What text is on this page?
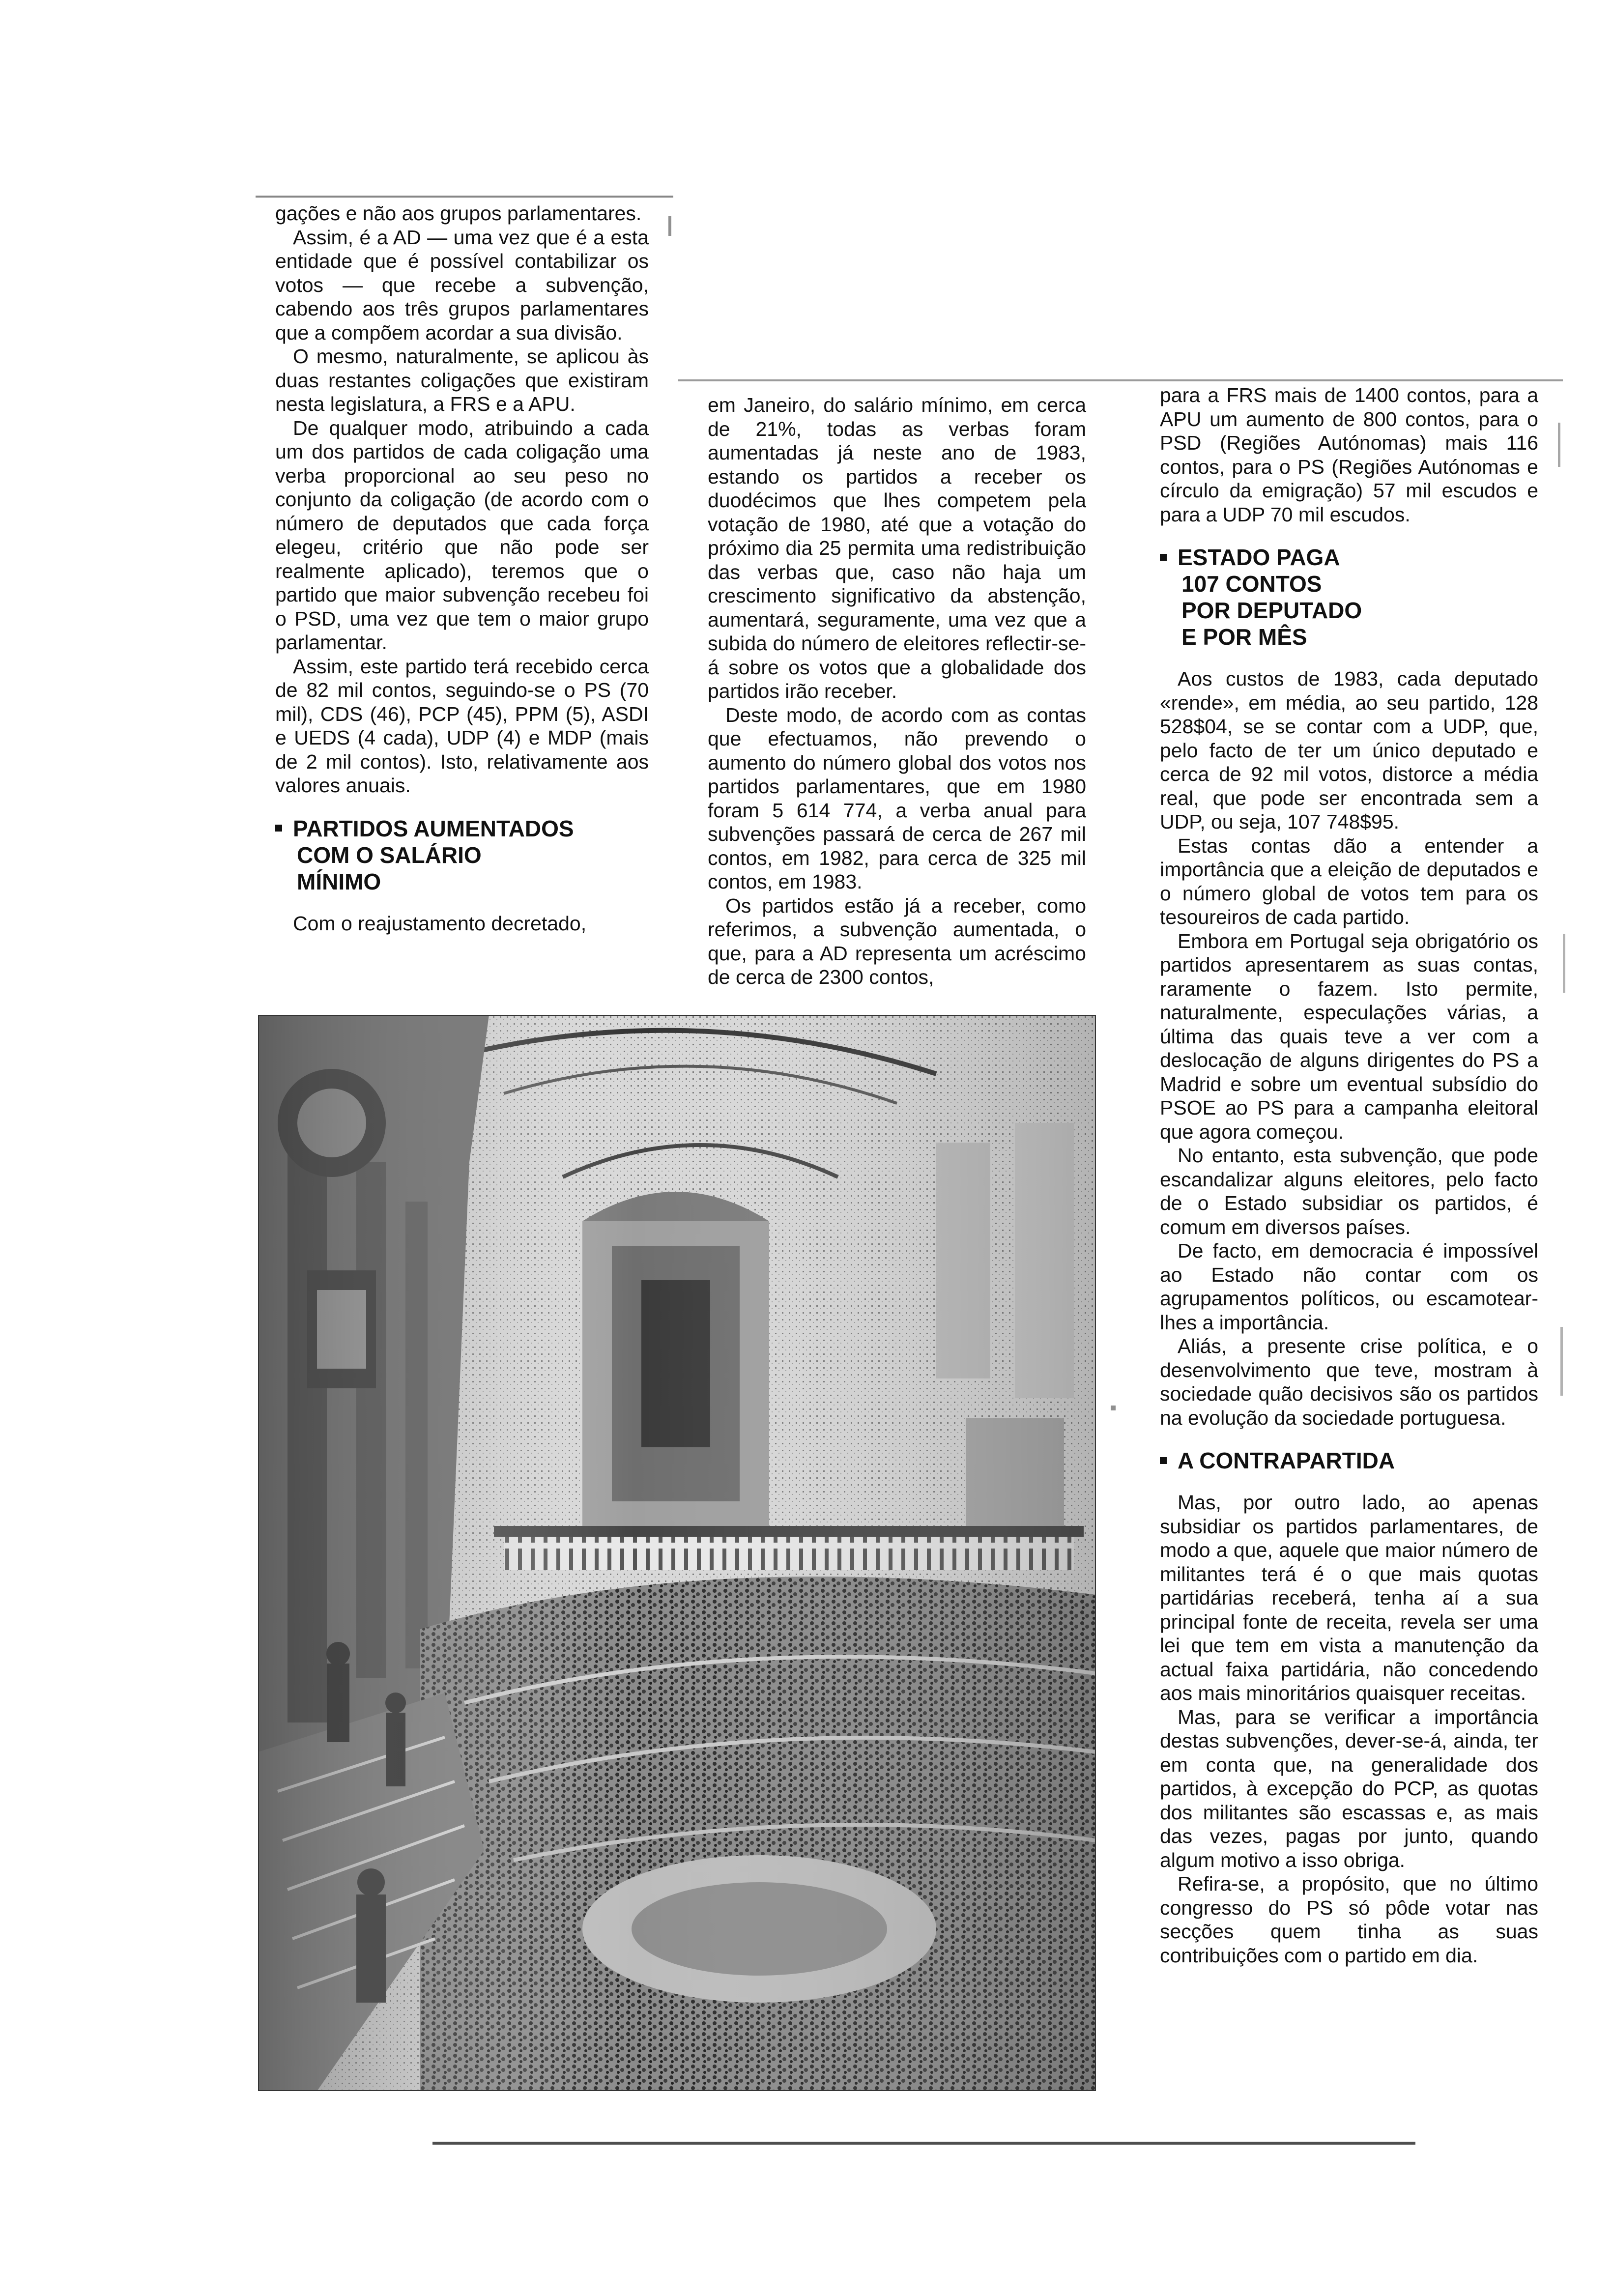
gações e não aos grupos parlamentares.

Assim, é a AD — uma vez que é a esta entidade que é possível contabilizar os votos — que recebe a subvenção, cabendo aos três grupos parlamentares que a compõem acordar a sua divisão.

O mesmo, naturalmente, se aplicou às duas restantes coligações que existiram nesta legislatura, a FRS e a APU.

De qualquer modo, atribuindo a cada um dos partidos de cada coligação uma verba proporcional ao seu peso no conjunto da coligação (de acordo com o número de deputados que cada força elegeu, critério que não pode ser realmente aplicado), teremos que o partido que maior subvenção recebeu foi o PSD, uma vez que tem o maior grupo parlamentar.

Assim, este partido terá recebido cerca de 82 mil contos, seguindo-se o PS (70 mil), CDS (46), PCP (45), PPM (5), ASDI e UEDS (4 cada), UDP (4) e MDP (mais de 2 mil contos). Isto, relativamente aos valores anuais.

PARTIDOS AUMENTADOS
COM O SALÁRIO
MÍNIMO

Com o reajustamento decretado,

em Janeiro, do salário mínimo, em cerca de 21%, todas as verbas foram aumentadas já neste ano de 1983, estando os partidos a receber os duodécimos que lhes competem pela votação de 1980, até que a votação do próximo dia 25 permita uma redistribuição das verbas que, caso não haja um crescimento significativo da abstenção, aumentará, seguramente, uma vez que a subida do número de eleitores reflectir-se-á sobre os votos que a globalidade dos partidos irão receber.

Deste modo, de acordo com as contas que efectuamos, não prevendo o aumento do número global dos votos nos partidos parlamentares, que em 1980 foram 5 614 774, a verba anual para subvenções passará de cerca de 267 mil contos, em 1982, para cerca de 325 mil contos, em 1983.

Os partidos estão já a receber, como referimos, a subvenção aumentada, o que, para a AD representa um acréscimo de cerca de 2300 contos,

para a FRS mais de 1400 contos, para a APU um aumento de 800 contos, para o PSD (Regiões Autónomas) mais 116 contos, para o PS (Regiões Autónomas e círculo da emigração) 57 mil escudos e para a UDP 70 mil escudos.

ESTADO PAGA
107 CONTOS
POR DEPUTADO
E POR MÊS

Aos custos de 1983, cada deputado «rende», em média, ao seu partido, 128 528$04, se se contar com a UDP, que, pelo facto de ter um único deputado e cerca de 92 mil votos, distorce a média real, que pode ser encontrada sem a UDP, ou seja, 107 748$95.

Estas contas dão a entender a importância que a eleição de deputados e o número global de votos tem para os tesoureiros de cada partido.

Embora em Portugal seja obrigatório os partidos apresentarem as suas contas, raramente o fazem. Isto permite, naturalmente, especulações várias, a última das quais teve a ver com a deslocação de alguns dirigentes do PS a Madrid e sobre um eventual subsídio do PSOE ao PS para a campanha eleitoral que agora começou.

No entanto, esta subvenção, que pode escandalizar alguns eleitores, pelo facto de o Estado subsidiar os partidos, é comum em diversos países.

De facto, em democracia é impossível ao Estado não contar com os agrupamentos políticos, ou escamotear-lhes a importância.

Aliás, a presente crise política, e o desenvolvimento que teve, mostram à sociedade quão decisivos são os partidos na evolução da sociedade portuguesa.

A CONTRAPARTIDA

Mas, por outro lado, ao apenas subsidiar os partidos parlamentares, de modo a que, aquele que maior número de militantes terá é o que mais quotas partidárias receberá, tenha aí a sua principal fonte de receita, revela ser uma lei que tem em vista a manutenção da actual faixa partidária, não concedendo aos mais minoritários quaisquer receitas.

Mas, para se verificar a importância destas subvenções, dever-se-á, ainda, ter em conta que, na generalidade dos partidos, à excepção do PCP, as quotas dos militantes são escassas e, as mais das vezes, pagas por junto, quando algum motivo a isso obriga.

Refira-se, a propósito, que no último congresso do PS só pôde votar nas secções quem tinha as suas contribuições com o partido em dia.
